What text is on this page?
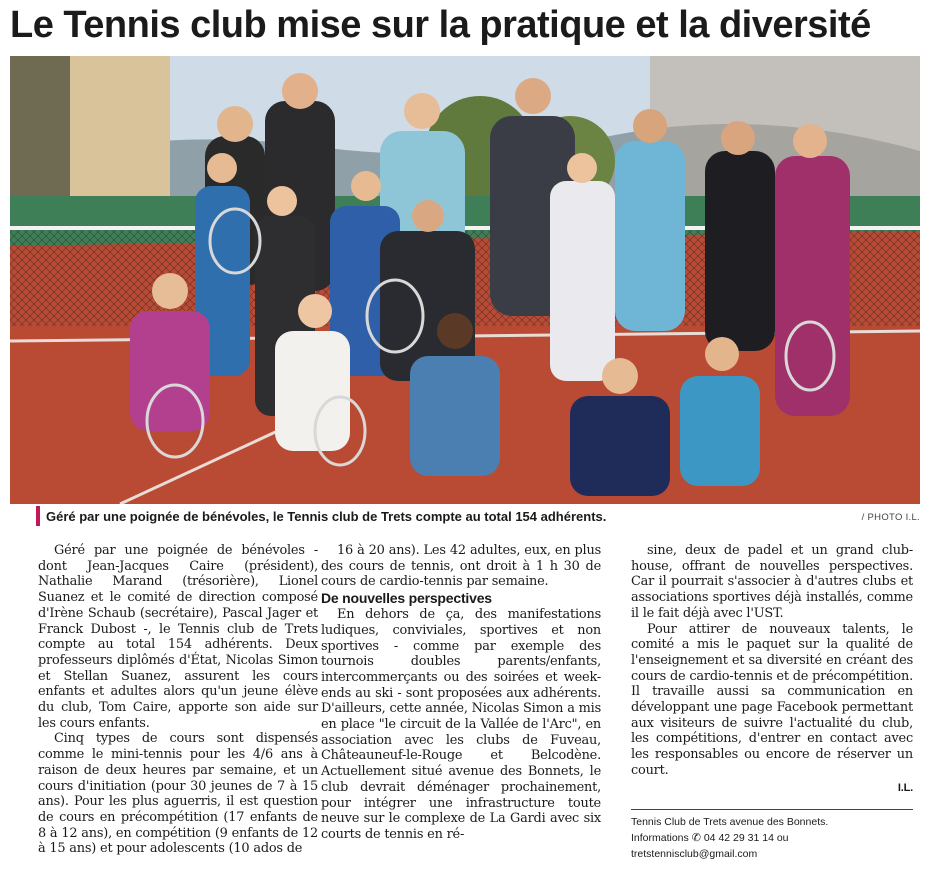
Le Tennis club mise sur la pratique et la diversité
Géré par une poignée de bénévoles, le Tennis club de Trets compte au total 154 adhérents.	/ PHOTO I.L.

Géré par une poignée de bénévoles - dont Jean-Jacques Caire (président), Nathalie Marand (trésorière), Lionel Suanez et le comité de direction composé d'Irène Schaub (secrétaire), Pascal Jager et Franck Dubost -, le Tennis club de Trets compte au total 154 adhérents. Deux professeurs diplômés d'État, Nicolas Simon et Stellan Suanez, assurent les cours enfants et adultes alors qu'un jeune élève du club, Tom Caire, apporte son aide sur les cours enfants.

Cinq types de cours sont dispensés comme le mini-tennis pour les 4/6 ans à raison de deux heures par semaine, et un cours d'initiation (pour 30 jeunes de 7 à 15 ans). Pour les plus aguerris, il est question de cours en précompétition (17 enfants de 8 à 12 ans), en compétition (9 enfants de 12 à 15 ans) et pour adolescents (10 ados de

16 à 20 ans). Les 42 adultes, eux, en plus des cours de tennis, ont droit à 1 h 30 de cours de cardio-tennis par semaine.

De nouvelles perspectives

En dehors de ça, des manifestations ludiques, conviviales, sportives et non sportives - comme par exemple des tournois doubles parents/enfants, intercommerçants ou des soirées et week-ends au ski - sont proposées aux adhérents. D'ailleurs, cette année, Nicolas Simon a mis en place "le circuit de la Vallée de l'Arc", en association avec les clubs de Fuveau, Châteauneuf-le-Rouge et Belcodène. Actuellement situé avenue des Bonnets, le club devrait déménager prochainement, pour intégrer une infrastructure toute neuve sur le complexe de La Gardi avec six courts de tennis en ré-

sine, deux de padel et un grand club-house, offrant de nouvelles perspectives. Car il pourrait s'associer à d'autres clubs et associations sportives déjà installés, comme il le fait déjà avec l'UST.

Pour attirer de nouveaux talents, le comité a mis le paquet sur la qualité de l'enseignement et sa diversité en créant des cours de cardio-tennis et de précompétition. Il travaille aussi sa communication en développant une page Facebook permettant aux visiteurs de suivre l'actualité du club, les compétitions, d'entrer en contact avec les responsables ou encore de réserver un court.

I.L.
Tennis Club de Trets avenue des Bonnets.
Informations ✆ 04 42 29 31 14 ou tretstennisclub@gmail.com
